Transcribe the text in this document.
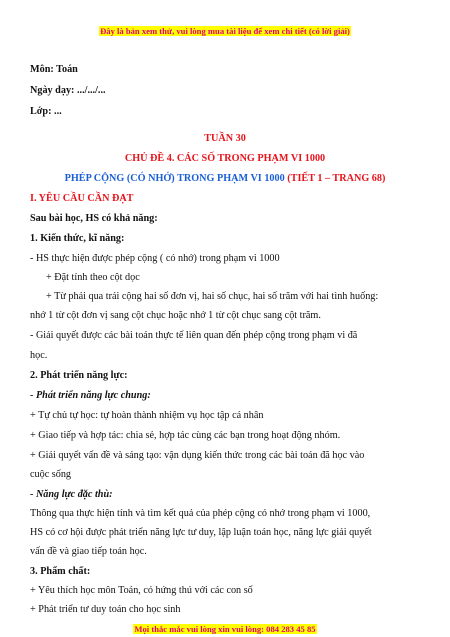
Đây là bản xem thử, vui lòng mua tài liệu để xem chi tiết (có lời giải)
Môn: Toán
Ngày dạy: .../.../...
Lớp: ...
TUẦN 30
CHỦ ĐỀ 4. CÁC SỐ TRONG PHẠM VI 1000
PHÉP CỘNG (CÓ NHỚ) TRONG PHẠM VI 1000 (TIẾT 1 – TRANG 68)
I. YÊU CẦU CẦN ĐẠT
Sau bài học, HS có khả năng:
1. Kiến thức, kĩ năng:
- HS thực hiện được phép cộng ( có nhớ) trong phạm vi 1000
+ Đặt tính theo cột dọc
+ Từ phải qua trái cộng hai số đơn vị, hai số chục, hai số trăm với hai tình huống:
nhớ 1 từ cột đơn vị sang cột chục hoặc nhớ 1 từ cột chục sang cột trăm.
- Giải quyết được các bài toán thực tế liên quan đến phép cộng trong phạm vi đã
học.
2. Phát triển năng lực:
- Phát triển năng lực chung:
+ Tự chủ tự học: tự hoàn thành nhiệm vụ học tập cá nhân
+ Giao tiếp và hợp tác: chia sẻ, hợp tác cùng các bạn trong hoạt động nhóm.
+ Giải quyết vấn đề và sáng tạo: vận dụng kiến thức trong các bài toán đã học vào
cuộc sống
- Năng lực đặc thù:
Thông qua thực hiện tính và tìm kết quả của phép cộng có nhớ trong phạm vi 1000,
HS có cơ hội được phát triển năng lực tư duy, lập luận toán học, năng lực giải quyết
vấn đề và giao tiếp toán học.
3. Phẩm chất:
+ Yêu thích học môn Toán, có hứng thú với các con số
+ Phát triển tư duy toán cho học sinh
Mọi thắc mắc vui lòng xin vui lòng: 084 283 45 85
